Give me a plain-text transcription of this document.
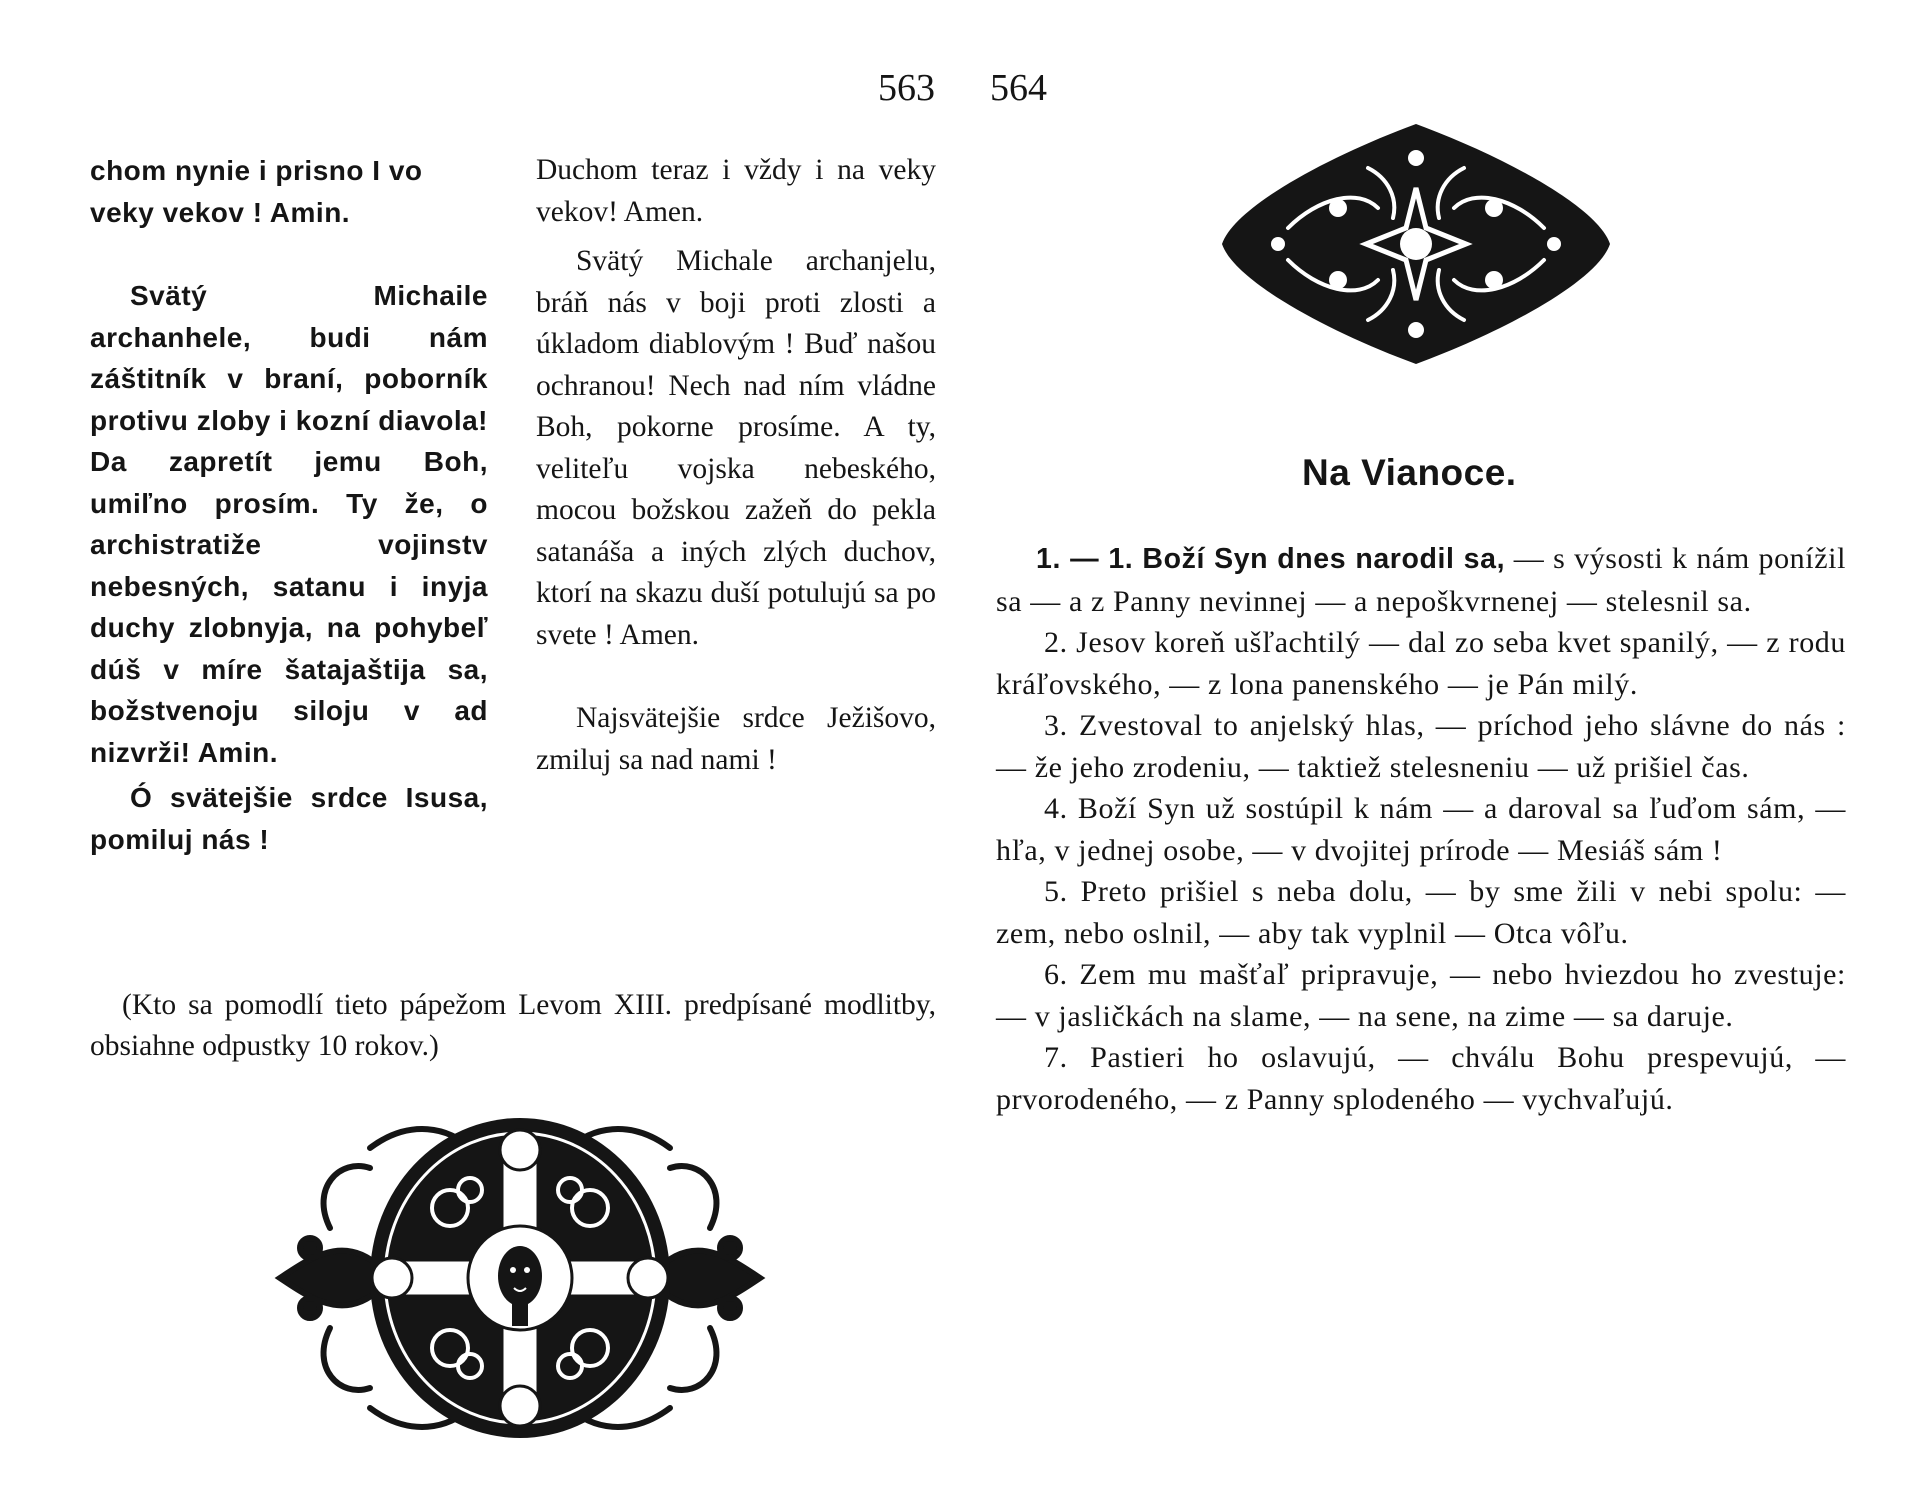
563

chom nynie i prisno I vo veky vekov ! Amin.

Svätý Michaile archanhele, budi nám záštitník v braní, poborník protivu zloby i kozní diavola! Da zapretít jemu Boh, umiľno prosím. Ty že, o archistratiže vojinstv nebesných, satanu i inyja duchy zlobnyja, na pohybeľ dúš v míre šatajaštija sa, božstvenoju siloju v ad nizvrži! Amin.

Ó svätejšie srdce Isusa, pomiluj nás !

Duchom teraz i vždy i na veky vekov! Amen.

Svätý Michale archanjelu, bráň nás v boji proti zlosti a úkladom diablovým ! Buď našou ochranou! Nech nad ním vládne Boh, pokorne prosíme. A ty, veliteľu vojska nebeského, mocou božskou zažeň do pekla satanáša a iných zlých duchov, ktorí na skazu duší potulujú sa po svete ! Amen.

Najsvätejšie srdce Ježišovo, zmiluj sa nad nami !

(Kto sa pomodlí tieto pápežom Levom XIII. predpísané modlitby, obsiahne odpustky 10 rokov.)
564
Na Vianoce.

1. — 1. Boží Syn dnes narodil sa, — s výsosti k nám ponížil sa — a z Panny nevinnej — a nepoškvrnenej — stelesnil sa.

2. Jesov koreň ušľachtilý — dal zo seba kvet spanilý, — z rodu kráľovského, — z lona panenského — je Pán milý.

3. Zvestoval to anjelský hlas, — príchod jeho slávne do nás : — že jeho zrodeniu, — taktiež stelesneniu — už prišiel čas.

4. Boží Syn už sostúpil k nám — a daroval sa ľuďom sám, — hľa, v jednej osobe, — v dvojitej prírode — Mesiáš sám !

5. Preto prišiel s neba dolu, — by sme žili v nebi spolu: — zem, nebo oslnil, — aby tak vyplnil — Otca vôľu.

6. Zem mu mašťaľ pripravuje, — nebo hviezdou ho zvestuje: — v jasličkách na slame, — na sene, na zime — sa daruje.

7. Pastieri ho oslavujú, — chválu Bohu prespevujú, — prvorodeného, — z Panny splodeného — vychvaľujú.
